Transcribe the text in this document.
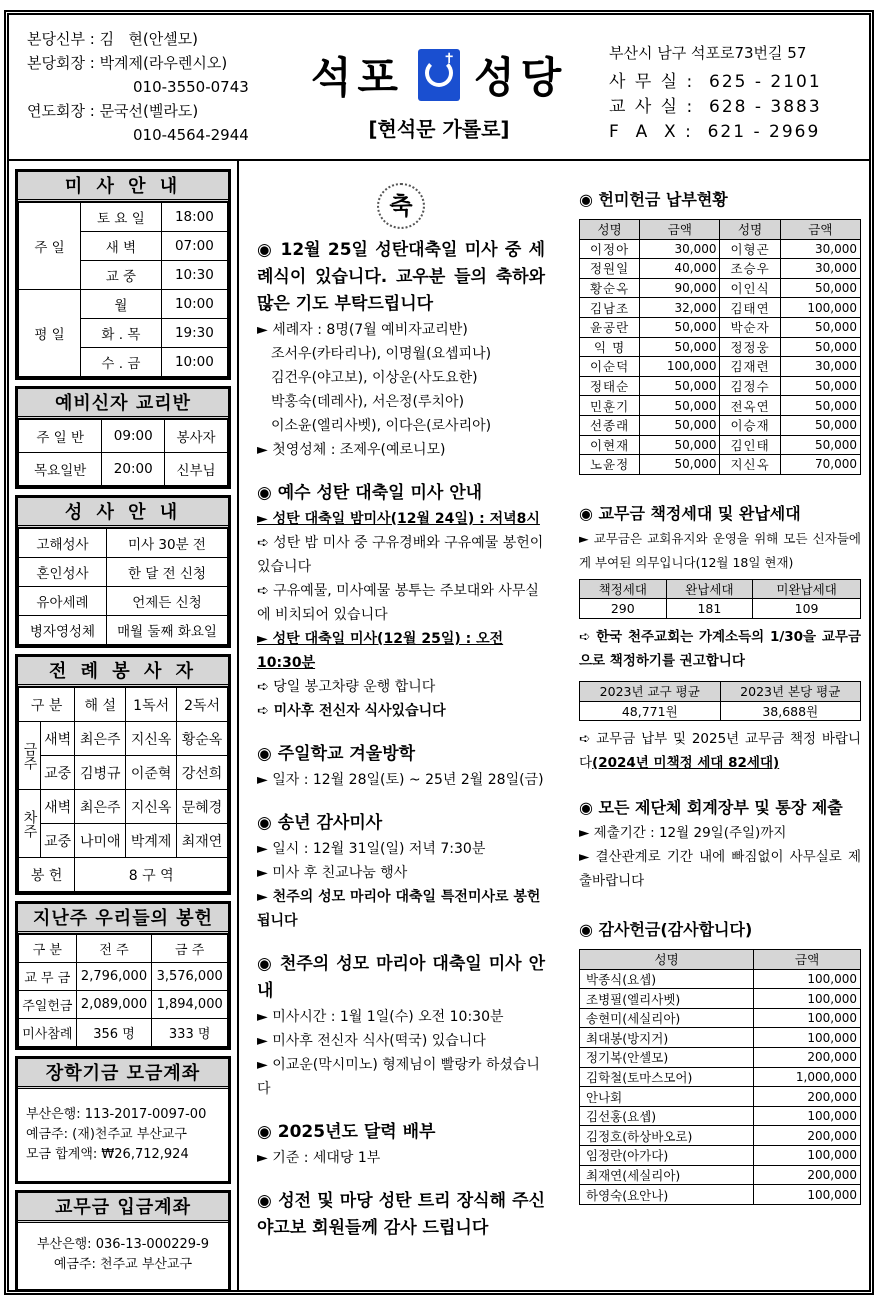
본당신부 : 김   현(안셀모)
본당회장 : 박계제(라우렌시오)
010-3550-0743
연도회장 : 문국선(벨라도)
010-4564-2944
석포	✝ 성당
[현석문 가롤로]
부산시 남구 석포로73번길 57
사 무 실 :  625 - 2101
교 사 실 :  628 - 3883
F  A  X :  621 - 2969
미 사 안 내
주 일	토 요 일	18:00
	새 벽	07:00
	교 중	10:30
평 일	월	10:00
	화 . 목	19:30
	수 . 금	10:00
예비신자 교리반
주 일 반	09:00	봉사자
목요일반	20:00	신부님
성 사 안 내
고해성사	미사 30분 전
혼인성사	한 달 전 신청
유아세례	언제든 신청
병자영성체	매월 둘째 화요일
전 례 봉 사 자
구 분		해 설	1독서	2독서
금주	새벽	최은주	지신옥	황순옥
	교중	김병규	이준혁	강선희
차주	새벽	최은주	지신옥	문혜경
	교중	나미애	박계제	최재연
봉 헌		8 구 역		
지난주 우리들의 봉헌
구 분	전 주	금 주
교 무 금	2,796,000	3,576,000
주일헌금	2,089,000	1,894,000
미사참례	356 명	333 명
장학기금 모금계좌
부산은행: 113-2017-0097-00
예금주: (재)천주교 부산교구
모금 합계액: ₩26,712,924
교무금 입금계좌
부산은행: 036-13-000229-9
예금주: 천주교 부산교구
축
◉ 12월 25일 성탄대축일 미사 중 세례식이 있습니다. 교우분 들의 축하와 많은 기도 부탁드립니다
► 세례자 : 8명(7월 예비자교리반)
조서우(카타리나), 이명월(요셉피나)
김건우(야고보), 이상운(사도요한)
박홍숙(데레사), 서은정(루치아)
이소윤(엘리사벳), 이다은(로사리아)
► 첫영성체 : 조제우(예로니모)
◉ 예수 성탄 대축일 미사 안내
► 성탄 대축일 밤미사(12월 24일) : 저녁8시
➪ 성탄 밤 미사 중 구유경배와 구유예물 봉헌이 있습니다
➪ 구유예물, 미사예물 봉투는 주보대와 사무실에 비치되어 있습니다
► 성탄 대축일 미사(12월 25일) : 오전 10:30분
➪ 당일 봉고차량 운행 합니다
➪ 미사후 전신자 식사있습니다
◉ 주일학교 겨울방학
► 일자 : 12월 28일(토) ~ 25년 2월 28일(금)
◉ 송년 감사미사
► 일시 : 12월 31일(일) 저녁 7:30분
► 미사 후 친교나눔 행사
► 천주의 성모 마리아 대축일 특전미사로 봉헌됩니다
◉ 천주의 성모 마리아 대축일 미사 안내
► 미사시간 : 1월 1일(수) 오전 10:30분
► 미사후 전신자 식사(떡국) 있습니다
► 이교운(막시미노) 형제님이 빨랑카 하셨습니다
◉ 2025년도 달력 배부
► 기준 : 세대당 1부
◉ 성전 및 마당 성탄 트리 장식해 주신 야고보 회원들께 감사 드립니다
◉ 헌미헌금 납부현황
성명	금액	성명	금액
이정아	30,000	이형곤	30,000
정원일	40,000	조승우	30,000
황순옥	90,000	이인식	50,000
김남조	32,000	김태연	100,000
윤공란	50,000	박순자	50,000
익 명	50,000	정정웅	50,000
이순덕	100,000	김재련	30,000
정태순	50,000	김정수	50,000
민훈기	50,000	전옥연	50,000
선종래	50,000	이승재	50,000
이현재	50,000	김인태	50,000
노윤정	50,000	지신옥	70,000
◉ 교무금 책정세대 및 완납세대
► 교무금은 교회유지와 운영을 위해 모든 신자들에게 부여된 의무입니다(12월 18일 현재)
책정세대	완납세대	미완납세대
290	181	109
➪ 한국 천주교회는 가계소득의 1/30을 교무금으로 책정하기를 권고합니다
2023년 교구 평균	2023년 본당 평균
48,771원	38,688원
➪ 교무금 납부 및 2025년 교무금 책정 바랍니다(2024년 미책정 세대 82세대)
◉ 모든 제단체 회계장부 및 통장 제출
► 제출기간 : 12월 29일(주일)까지
► 결산관계로 기간 내에 빠짐없이 사무실로 제출바랍니다
◉ 감사헌금(감사합니다)
성명	금액
박종식(요셉)	100,000
조병필(엘리사벳)	100,000
송현미(세실리아)	100,000
최대봉(방지거)	100,000
정기복(안셀모)	200,000
김학철(토마스모어)	1,000,000
안나회	200,000
김선홍(요셉)	100,000
김정호(하상바오로)	200,000
임정란(아가다)	100,000
최재연(세실리아)	200,000
하영숙(요안나)	100,000
